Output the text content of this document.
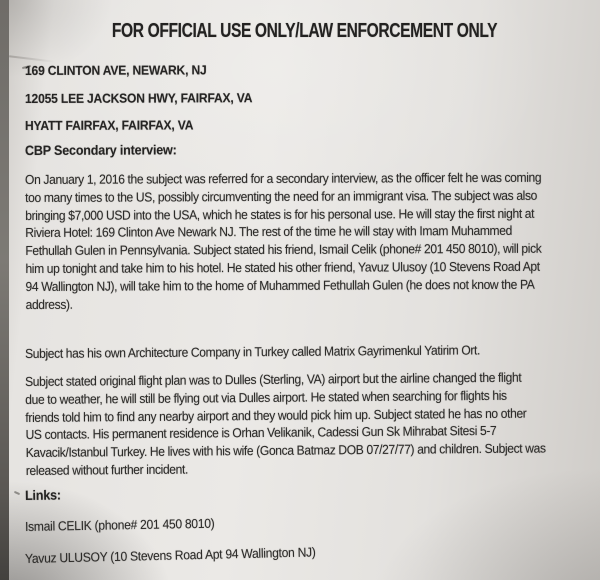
FOR OFFICIAL USE ONLY/LAW ENFORCEMENT ONLY
169 CLINTON AVE, NEWARK, NJ
12055 LEE JACKSON HWY, FAIRFAX, VA
HYATT FAIRFAX, FAIRFAX, VA
CBP Secondary interview:
On January 1, 2016 the subject was referred for a secondary interview, as the officer felt he was coming
too many times to the US, possibly circumventing the need for an immigrant visa. The subject was also
bringing $7,000 USD into the USA, which he states is for his personal use. He will stay the first night at
Riviera Hotel: 169 Clinton Ave Newark NJ. The rest of the time he will stay with Imam Muhammed
Fethullah Gulen in Pennsylvania. Subject stated his friend, Ismail Celik (phone# 201 450 8010), will pick
him up tonight and take him to his hotel. He stated his other friend, Yavuz Ulusoy (10 Stevens Road Apt
94 Wallington NJ), will take him to the home of Muhammed Fethullah Gulen (he does not know the PA
address).
Subject has his own Architecture Company in Turkey called Matrix Gayrimenkul Yatirim Ort.
Subject stated original flight plan was to Dulles (Sterling, VA) airport but the airline changed the flight
due to weather, he will still be flying out via Dulles airport. He stated when searching for flights his
friends told him to find any nearby airport and they would pick him up. Subject stated he has no other
US contacts. His permanent residence is Orhan Velikanik, Cadessi Gun Sk Mihrabat Sitesi 5-7
Kavacik/Istanbul Turkey. He lives with his wife (Gonca Batmaz DOB 07/27/77) and children. Subject was
released without further incident.
Links:
Ismail CELIK (phone# 201 450 8010)
Yavuz ULUSOY (10 Stevens Road Apt 94 Wallington NJ)
